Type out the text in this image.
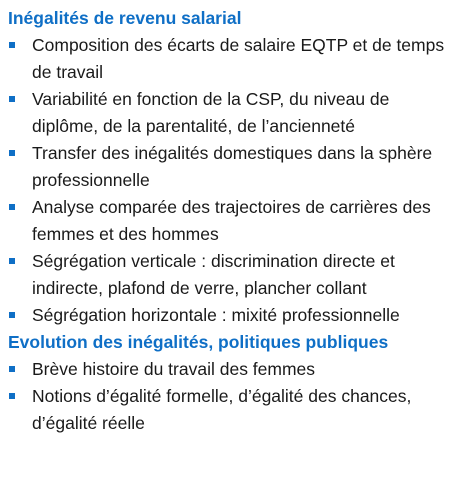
Inégalités de revenu salarial
Composition des écarts de salaire EQTP et de temps de travail
Variabilité en fonction de la CSP, du niveau de diplôme, de la parentalité, de l’ancienneté
Transfer des inégalités domestiques dans la sphère professionnelle
Analyse comparée des trajectoires de carrières des femmes et des hommes
Ségrégation verticale : discrimination directe et indirecte, plafond de verre, plancher collant
Ségrégation horizontale : mixité professionnelle
Evolution des inégalités, politiques publiques
Brève histoire du travail des femmes
Notions d’égalité formelle, d’égalité des chances, d’égalité réelle
